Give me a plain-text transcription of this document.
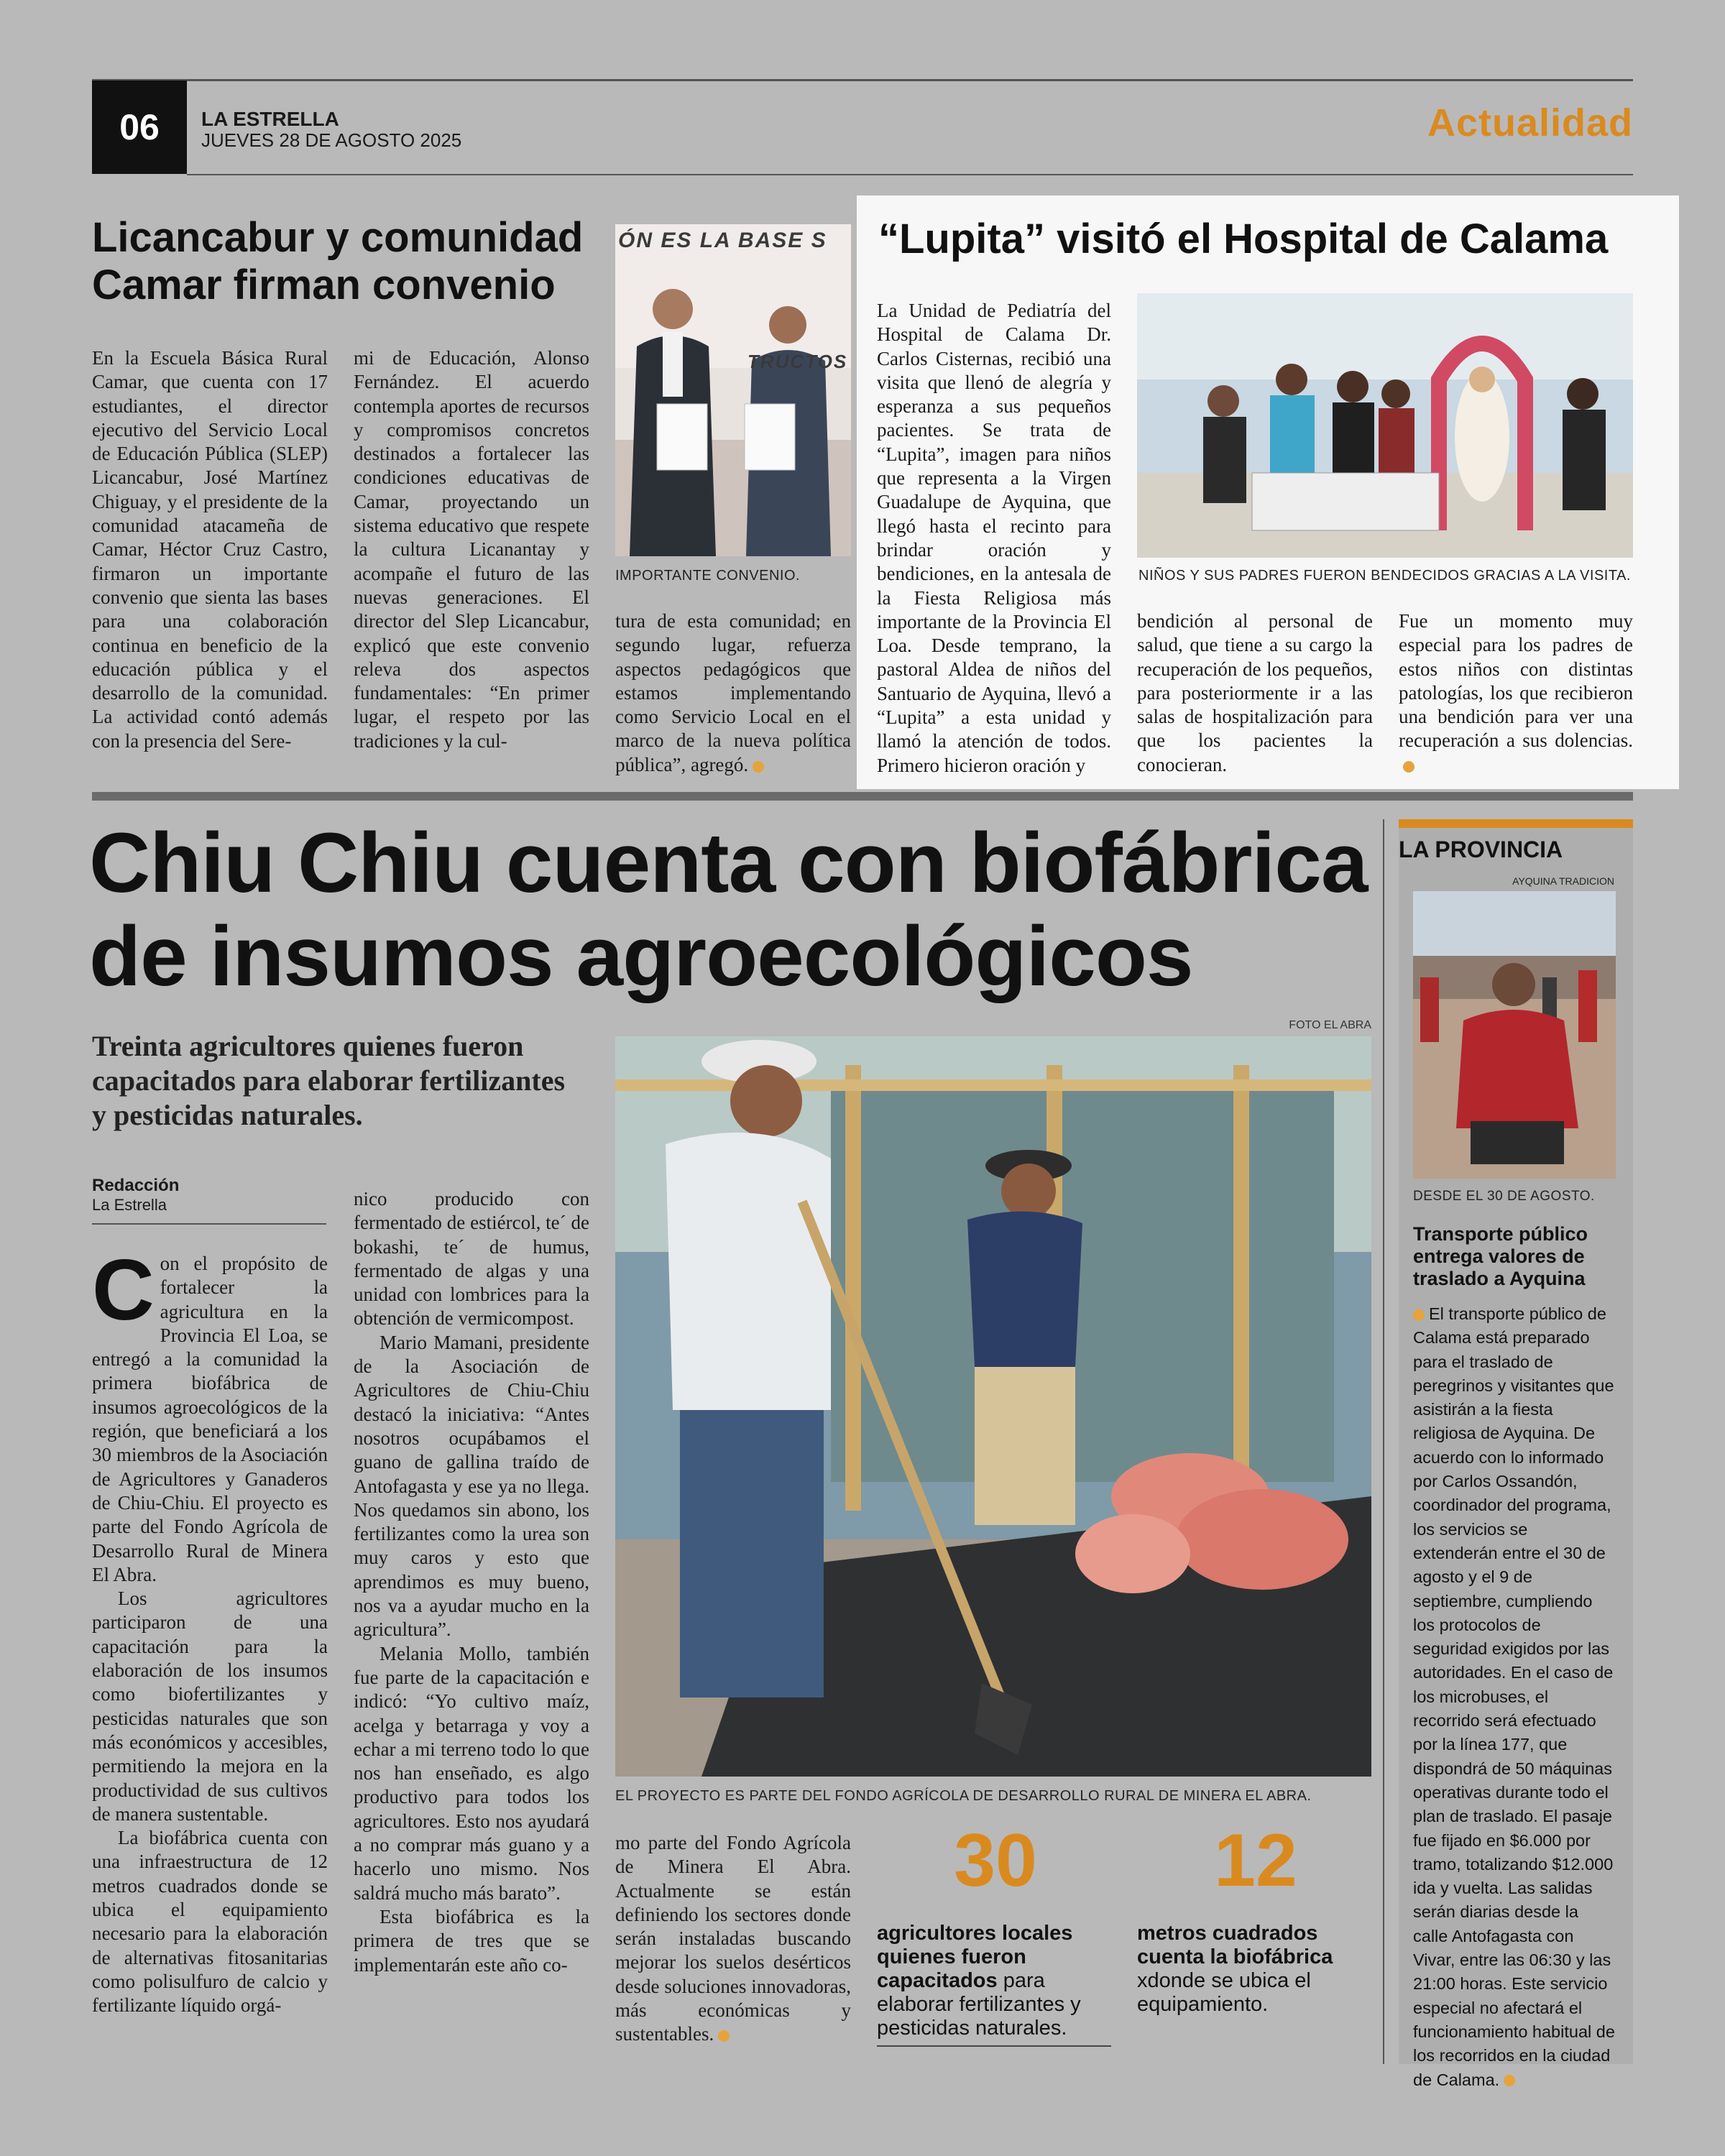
06	LA ESTRELLA
JUEVES 28 DE AGOSTO 2025	Actualidad
Licancabur y comunidad
Camar firman convenio
En la Escuela Básica Rural Camar, que cuenta con 17 estudiantes, el director ejecutivo del Servicio Local de Educación Pública (SLEP) Licancabur, José Martínez Chiguay, y el presidente de la comunidad atacameña de Camar, Héctor Cruz Castro, firmaron un importante convenio que sienta las bases para una colaboración continua en beneficio de la educación pública y el desarrollo de la comunidad. La actividad contó además con la presencia del Sere-
mi de Educación, Alonso Fernández. El acuerdo contempla aportes de recursos y compromisos concretos destinados a fortalecer las condiciones educativas de Camar, proyectando un sistema educativo que respete la cultura Licanantay y acompañe el futuro de las nuevas generaciones. El director del Slep Licancabur, explicó que este convenio releva dos aspectos fundamentales: “En primer lugar, el respeto por las tradiciones y la cul-
ÓN ES LA BASE S
TRUCTOS
IMPORTANTE CONVENIO.
tura de esta comunidad; en segundo lugar, refuerza aspectos pedagógicos que estamos implementando como Servicio Local en el marco de la nueva política pública”, agregó.
“Lupita” visitó el Hospital de Calama
La Unidad de Pediatría del Hospital de Calama Dr. Carlos Cisternas, recibió una visita que llenó de alegría y esperanza a sus pequeños pacientes. Se trata de “Lupita”, imagen para niños que representa a la Virgen Guadalupe de Ayquina, que llegó hasta el recinto para brindar oración y bendiciones, en la antesala de la Fiesta Religiosa más importante de la Provincia El Loa. Desde temprano, la pastoral Aldea de niños del Santuario de Ayquina, llevó a “Lupita” a esta unidad y llamó la atención de todos. Primero hicieron oración y
NIÑOS Y SUS PADRES FUERON BENDECIDOS GRACIAS A LA VISITA.
bendición al personal de salud, que tiene a su cargo la recuperación de los pequeños, para posteriormente ir a las salas de hospitalización para que los pacientes la conocieran.
Fue un momento muy especial para los padres de estos niños con distintas patologías, los que recibieron una bendición para ver una recuperación a sus dolencias.
Chiu Chiu cuenta con biofábrica
de insumos agroecológicos
Treinta agricultores quienes fueron
capacitados para elaborar fertilizantes
y pesticidas naturales.
Redacción
La Estrella

Con el propósito de fortalecer la agricultura en la Provincia El Loa, se entregó a la comunidad la primera biofábrica de insumos agroecológicos de la región, que beneficiará a los 30 miembros de la Asociación de Agricultores y Ganaderos de Chiu-Chiu. El proyecto es parte del Fondo Agrícola de Desarrollo Rural de Minera El Abra.

Los agricultores participaron de una capacitación para la elaboración de los insumos como biofertilizantes y pesticidas naturales que son más económicos y accesibles, permitiendo la mejora en la productividad de sus cultivos de manera sustentable.

La biofábrica cuenta con una infraestructura de 12 metros cuadrados donde se ubica el equipamiento necesario para la elaboración de alternativas fitosanitarias como polisulfuro de calcio y fertilizante líquido orgá-

nico producido con fermentado de estiércol, te´ de bokashi, te´ de humus, fermentado de algas y una unidad con lombrices para la obtención de vermicompost.

Mario Mamani, presidente de la Asociación de Agricultores de Chiu-Chiu destacó la iniciativa: “Antes nosotros ocupábamos el guano de gallina traído de Antofagasta y ese ya no llega. Nos quedamos sin abono, los fertilizantes como la urea son muy caros y esto que aprendimos es muy bueno, nos va a ayudar mucho en la agricultura”.

Melania Mollo, también fue parte de la capacitación e indicó: “Yo cultivo maíz, acelga y betarraga y voy a echar a mi terreno todo lo que nos han enseñado, es algo productivo para todos los agricultores. Esto nos ayudará a no comprar más guano y a hacerlo uno mismo. Nos saldrá mucho más barato”.

Esta biofábrica es la primera de tres que se implementarán este año co-

FOTO EL ABRA
EL PROYECTO ES PARTE DEL FONDO AGRÍCOLA DE DESARROLLO RURAL DE MINERA EL ABRA.
mo parte del Fondo Agrícola de Minera El Abra. Actualmente se están definiendo los sectores donde serán instaladas buscando mejorar los suelos desérticos desde soluciones innovadoras, más económicas y sustentables.
30
agricultores locales quienes fueron capacitados para elaborar fertilizantes y pesticidas naturales.
12
metros cuadrados cuenta la biofábrica xdonde se ubica el equipamiento.
LA PROVINCIA
AYQUINA TRADICION
DESDE EL 30 DE AGOSTO.
Transporte público entrega valores de traslado a Ayquina
El transporte público de Calama está preparado para el traslado de peregrinos y visitantes que asistirán a la fiesta religiosa de Ayquina. De acuerdo con lo informado por Carlos Ossandón, coordinador del programa, los servicios se extenderán entre el 30 de agosto y el 9 de septiembre, cumpliendo los protocolos de seguridad exigidos por las autoridades. En el caso de los microbuses, el recorrido será efectuado por la línea 177, que dispondrá de 50 máquinas operativas durante todo el plan de traslado. El pasaje fue fijado en $6.000 por tramo, totalizando $12.000 ida y vuelta. Las salidas serán diarias desde la calle Antofagasta con Vivar, entre las 06:30 y las 21:00 horas. Este servicio especial no afectará el funcionamiento habitual de los recorridos en la ciudad de Calama.
